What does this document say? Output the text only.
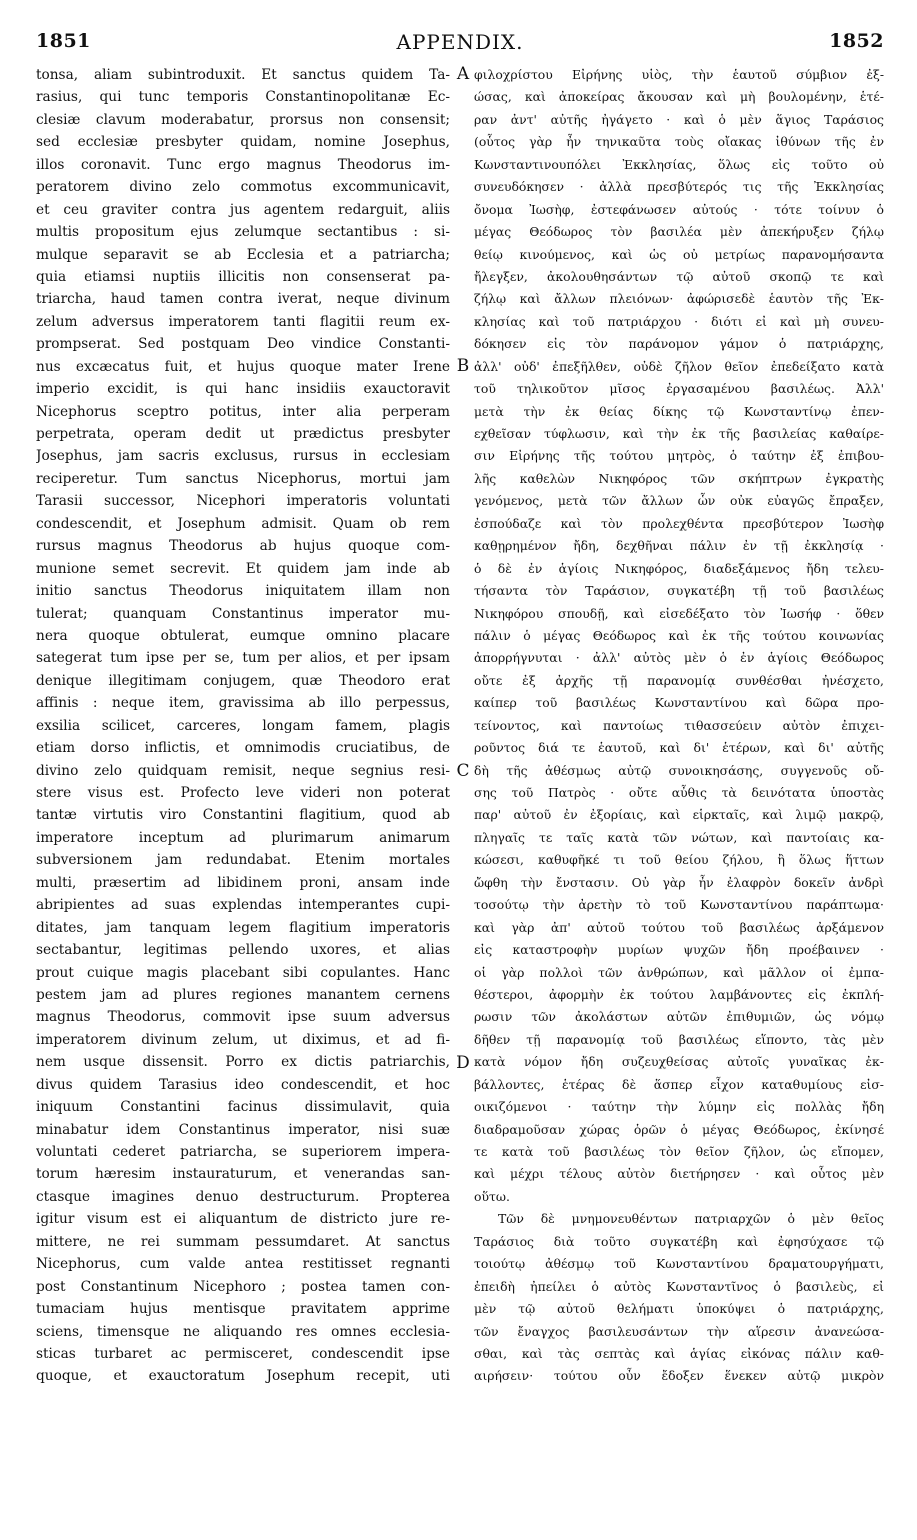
1851	APPENDIX.	1852
tonsa, aliam subintroduxit. Et sanctus quidem Ta-
rasius, qui tunc temporis Constantinopolitanæ Ec-
clesiæ clavum moderabatur, prorsus non consensit;
sed ecclesiæ presbyter quidam, nomine Josephus,
illos coronavit. Tunc ergo magnus Theodorus im-
peratorem divino zelo commotus excommunicavit,
et ceu graviter contra jus agentem redarguit, aliis
multis propositum ejus zelumque sectantibus : si-
mulque separavit se ab Ecclesia et a patriarcha;
quia etiamsi nuptiis illicitis non consenserat pa-
triarcha, haud tamen contra iverat, neque divinum
zelum adversus imperatorem tanti flagitii reum ex-
prompserat. Sed postquam Deo vindice Constanti-
nus excæcatus fuit, et hujus quoque mater Irene
imperio excidit, is qui hanc insidiis exauctoravit
Nicephorus sceptro potitus, inter alia perperam
perpetrata, operam dedit ut prædictus presbyter
Josephus, jam sacris exclusus, rursus in ecclesiam
reciperetur. Tum sanctus Nicephorus, mortui jam
Tarasii successor, Nicephori imperatoris voluntati
condescendit, et Josephum admisit. Quam ob rem
rursus magnus Theodorus ab hujus quoque com-
munione semet secrevit. Et quidem jam inde ab
initio sanctus Theodorus iniquitatem illam non
tulerat; quanquam Constantinus imperator mu-
nera quoque obtulerat, eumque omnino placare
sategerat tum ipse per se, tum per alios, et per ipsam
denique illegitimam conjugem, quæ Theodoro erat
affinis : neque item, gravissima ab illo perpessus,
exsilia scilicet, carceres, longam famem, plagis
etiam dorso inflictis, et omnimodis cruciatibus, de
divino zelo quidquam remisit, neque segnius resi-
stere visus est. Profecto leve videri non poterat
tantæ virtutis viro Constantini flagitium, quod ab
imperatore inceptum ad plurimarum animarum
subversionem jam redundabat. Etenim mortales
multi, præsertim ad libidinem proni, ansam inde
abripientes ad suas explendas intemperantes cupi-
ditates, jam tanquam legem flagitium imperatoris
sectabantur, legitimas pellendo uxores, et alias
prout cuique magis placebant sibi copulantes. Hanc
pestem jam ad plures regiones manantem cernens
magnus Theodorus, commovit ipse suum adversus
imperatorem divinum zelum, ut diximus, et ad fi-
nem usque dissensit. Porro ex dictis patriarchis,
divus quidem Tarasius ideo condescendit, et hoc
iniquum Constantini facinus dissimulavit, quia
minabatur idem Constantinus imperator, nisi suæ
voluntati cederet patriarcha, se superiorem impera-
torum hæresim instauraturum, et venerandas san-
ctasque imagines denuo destructurum. Propterea
igitur visum est ei aliquantum de districto jure re-
mittere, ne rei summam pessumdaret. At sanctus
Nicephorus, cum valde antea restitisset regnanti
post Constantinum Nicephoro ; postea tamen con-
tumaciam hujus mentisque pravitatem apprime
sciens, timensque ne aliquando res omnes ecclesia-
sticas turbaret ac permisceret, condescendit ipse
quoque, et exauctoratum Josephum recepit, uti
φιλοχρίστου Εἰρήνης υἱὸς, τὴν ἑαυτοῦ σύμβιον ἐξ-
ώσας, καὶ ἀποκείρας ἄκουσαν καὶ μὴ βουλομένην, ἑτέ-
ραν ἀντ' αὐτῆς ἠγάγετο · καὶ ὁ μὲν ἅγιος Ταράσιος
(οὗτος γὰρ ἦν τηνικαῦτα τοὺς οἴακας ἰθύνων τῆς ἐν
Κωνσταντινουπόλει Ἐκκλησίας, ὅλως εἰς τοῦτο οὐ
συνευδόκησεν · ἀλλὰ πρεσβύτερός τις τῆς Ἐκκλησίας
ὄνομα Ἰωσὴφ, ἐστεφάνωσεν αὐτούς · τότε τοίνυν ὁ
μέγας Θεόδωρος τὸν βασιλέα μὲν ἀπεκήρυξεν ζήλῳ
θείῳ κινούμενος, καὶ ὡς οὐ μετρίως παρανομήσαντα
ἤλεγξεν, ἀκολουθησάντων τῷ αὐτοῦ σκοπῷ τε καὶ
ζήλῳ καὶ ἄλλων πλειόνων· ἀφώρισεδὲ ἑαυτὸν τῆς Ἐκ-
κλησίας καὶ τοῦ πατριάρχου · διότι εἰ καὶ μὴ συνευ-
δόκησεν εἰς τὸν παράνομον γάμον ὁ πατριάρχης,
ἀλλ' οὐδ' ἐπεξῆλθεν, οὐδὲ ζῆλον θεῖον ἐπεδείξατο κατὰ
τοῦ τηλικοῦτον μῖσος ἐργασαμένου βασιλέως. Ἀλλ'
μετὰ τὴν ἐκ θείας δίκης τῷ Κωνσταντίνῳ ἐπεν-
εχθεῖσαν τύφλωσιν, καὶ τὴν ἐκ τῆς βασιλείας καθαίρε-
σιν Εἰρήνης τῆς τούτου μητρὸς, ὁ ταύτην ἐξ ἐπιβου-
λῆς καθελὼν Νικηφόρος τῶν σκήπτρων ἐγκρατὴς
γενόμενος, μετὰ τῶν ἄλλων ὧν οὐκ εὐαγῶς ἔπραξεν,
ἐσπούδαζε καὶ τὸν προλεχθέντα πρεσβύτερον Ἰωσὴφ
καθῃρημένον ἤδη, δεχθῆναι πάλιν ἐν τῇ ἐκκλησίᾳ ·
ὁ δὲ ἐν ἁγίοις Νικηφόρος, διαδεξάμενος ἤδη τελευ-
τήσαντα τὸν Ταράσιον, συγκατέβη τῇ τοῦ βασιλέως
Νικηφόρου σπουδῇ, καὶ εἰσεδέξατο τὸν Ἰωσήφ · ὅθεν
πάλιν ὁ μέγας Θεόδωρος καὶ ἐκ τῆς τούτου κοινωνίας
ἀπορρήγνυται · ἀλλ' αὐτὸς μὲν ὁ ἐν ἁγίοις Θεόδωρος
οὔτε ἐξ ἀρχῆς τῇ παρανομίᾳ συνθέσθαι ἠνέσχετο,
καίπερ τοῦ βασιλέως Κωνσταντίνου καὶ δῶρα προ-
τείνοντος, καὶ παντοίως τιθασσεύειν αὐτὸν ἐπιχει-
ροῦντος διά τε ἑαυτοῦ, καὶ δι' ἑτέρων, καὶ δι' αὐτῆς
δὴ τῆς ἀθέσμως αὐτῷ συνοικησάσης, συγγενοῦς οὔ-
σης τοῦ Πατρὸς · οὔτε αὖθις τὰ δεινότατα ὑποστὰς
παρ' αὐτοῦ ἐν ἐξορίαις, καὶ εἱρκταῖς, καὶ λιμῷ μακρῷ,
πληγαῖς τε ταῖς κατὰ τῶν νώτων, καὶ παντοίαις κα-
κώσεσι, καθυφῆκέ τι τοῦ θείου ζήλου, ἢ ὅλως ἥττων
ὤφθη τὴν ἔνστασιν. Οὐ γὰρ ἦν ἐλαφρὸν δοκεῖν ἀνδρὶ
τοσούτῳ τὴν ἀρετὴν τὸ τοῦ Κωνσταντίνου παράπτωμα·
καὶ γὰρ ἀπ' αὐτοῦ τούτου τοῦ βασιλέως ἀρξάμενον
εἰς καταστροφὴν μυρίων ψυχῶν ἤδη προέβαινεν ·
οἱ γὰρ πολλοὶ τῶν ἀνθρώπων, καὶ μᾶλλον οἱ ἐμπα-
θέστεροι, ἀφορμὴν ἐκ τούτου λαμβάνοντες εἰς ἐκπλή-
ρωσιν τῶν ἀκολάστων αὐτῶν ἐπιθυμιῶν, ὡς νόμῳ
δῆθεν τῇ παρανομίᾳ τοῦ βασιλέως εἵποντο, τὰς μὲν
κατὰ νόμον ἤδη συζευχθείσας αὐτοῖς γυναῖκας ἐκ-
βάλλοντες, ἑτέρας δὲ ἅσπερ εἶχον καταθυμίους εἰσ-
οικιζόμενοι · ταύτην τὴν λύμην εἰς πολλὰς ἤδη
διαδραμοῦσαν χώρας ὁρῶν ὁ μέγας Θεόδωρος, ἐκίνησέ
τε κατὰ τοῦ βασιλέως τὸν θεῖον ζῆλον, ὡς εἴπομεν,
καὶ μέχρι τέλους αὐτὸν διετήρησεν · καὶ οὗτος μὲν
οὕτω.
Τῶν δὲ μνημονευθέντων πατριαρχῶν ὁ μὲν θεῖος
Ταράσιος διὰ τοῦτο συγκατέβη καὶ ἐφησύχασε τῷ
τοιούτῳ ἀθέσμῳ τοῦ Κωνσταντίνου δραματουργήματι,
ἐπειδὴ ἠπείλει ὁ αὐτὸς Κωνσταντῖνος ὁ βασιλεὺς, εἰ
μὲν τῷ αὐτοῦ θελήματι ὑποκύψει ὁ πατριάρχης,
τῶν ἔναγχος βασιλευσάντων τὴν αἵρεσιν ἀνανεώσα-
σθαι, καὶ τὰς σεπτὰς καὶ ἁγίας εἰκόνας πάλιν καθ-
αιρήσειν· τούτου οὖν ἔδοξεν ἕνεκεν αὐτῷ μικρὸν
A
B
C
D
